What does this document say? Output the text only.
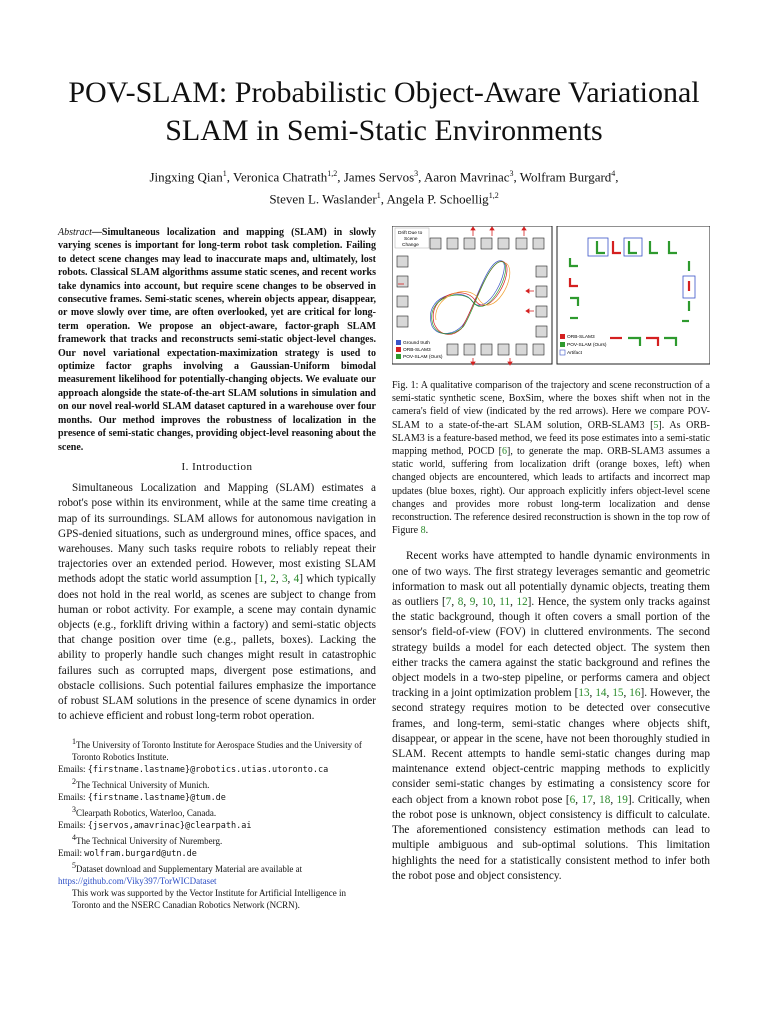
POV-SLAM: Probabilistic Object-Aware Variational
SLAM in Semi-Static Environments
Jingxing Qian$^1$, Veronica Chatrath$^{1,2}$, James Servos$^3$, Aaron Mavrinac$^3$, Wolfram Burgard$^4$,
Steven L. Waslander$^1$, Angela P. Schoellig$^{1,2}$

Abstract—Simultaneous localization and mapping (SLAM) in slowly varying scenes is important for long-term robot task completion. Failing to detect scene changes may lead to inaccurate maps and, ultimately, lost robots. Classical SLAM algorithms assume static scenes, and recent works take dynamics into account, but require scene changes to be observed in consecutive frames. Semi-static scenes, wherein objects appear, disappear, or move slowly over time, are often overlooked, yet are critical for long-term operation. We propose an object-aware, factor-graph SLAM framework that tracks and reconstructs semi-static object-level changes. Our novel variational expectation-maximization strategy is used to optimize factor graphs involving a Gaussian-Uniform bimodal measurement likelihood for potentially-changing objects. We evaluate our approach alongside the state-of-the-art SLAM solutions in simulation and on our novel real-world SLAM dataset captured in a warehouse over four months. Our method improves the robustness of localization in the presence of semi-static changes, providing object-level reasoning about the scene.

I. Introduction

Simultaneous Localization and Mapping (SLAM) estimates a robot's pose within its environment, while at the same time creating a map of its surroundings. SLAM allows for autonomous navigation in GPS-denied situations, such as underground mines, office spaces, and warehouses. Many such tasks require robots to reliably repeat their trajectories over an extended period. However, most existing SLAM methods adopt the static world assumption [1, 2, 3, 4] which typically does not hold in the real world, as scenes are subject to change from human or robot activity. For example, a scene may contain dynamic objects (e.g., forklift driving within a factory) and semi-static objects that change position over time (e.g., pallets, boxes). Lacking the ability to properly handle such changes might result in catastrophic failures such as corrupted maps, divergent pose estimations, and obstacle collisions. Such potential failures emphasize the importance of robust SLAM solutions in the presence of scene dynamics in order to achieve efficient and robust long-term robot operation.

$^1$The University of Toronto Institute for Aerospace Studies and the University of Toronto Robotics Institute.
Emails: {firstname.lastname}@robotics.utias.utoronto.ca
$^2$The Technical University of Munich.
Emails: {firstname.lastname}@tum.de
$^3$Clearpath Robotics, Waterloo, Canada.
Emails: {jservos,amavrinac}@clearpath.ai
$^4$The Technical University of Nuremberg.
Email: wolfram.burgard@utn.de
$^5$Dataset download and Supplementary Material are available at
https://github.com/Viky397/TorWICDataset
This work was supported by the Vector Institute for Artificial Intelligence in Toronto and the NSERC Canadian Robotics Network (NCRN).
Drift Due to
Scene
Change
Ground truth
ORB-SLAM3
POV-SLAM (Ours)
ORB-SLAM3
POV-SLAM (Ours)
Artifact

Fig. 1: A qualitative comparison of the trajectory and scene reconstruction of a semi-static synthetic scene, BoxSim, where the boxes shift when not in the camera's field of view (indicated by the red arrows). Here we compare POV-SLAM to a state-of-the-art SLAM solution, ORB-SLAM3 [5]. As ORB-SLAM3 is a feature-based method, we feed its pose estimates into a semi-static mapping method, POCD [6], to generate the map. ORB-SLAM3 assumes a static world, suffering from localization drift (orange boxes, left) when changed objects are encountered, which leads to artifacts and incorrect map updates (blue boxes, right). Our approach explicitly infers object-level scene changes and provides more robust long-term localization and dense reconstruction. The reference desired reconstruction is shown in the top row of Figure 8.

Recent works have attempted to handle dynamic environments in one of two ways. The first strategy leverages semantic and geometric information to mask out all potentially dynamic objects, treating them as outliers [7, 8, 9, 10, 11, 12]. Hence, the system only tracks against the static background, though it often covers a small portion of the sensor's field-of-view (FOV) in cluttered environments. The second strategy builds a model for each detected object. The system then either tracks the camera against the static background and refines the object models in a two-step pipeline, or performs camera and object tracking in a joint optimization problem [13, 14, 15, 16]. However, the second strategy requires motion to be detected over consecutive frames, and long-term, semi-static changes where objects shift, disappear, or appear in the scene, have not been thoroughly studied in SLAM. Recent attempts to handle semi-static changes during map maintenance extend object-centric mapping methods to explicitly consider semi-static changes by estimating a consistency score for each object from a known robot pose [6, 17, 18, 19]. Critically, when the robot pose is unknown, object consistency is difficult to calculate. The aforementioned consistency estimation methods can lead to multiple ambiguous and sub-optimal solutions. This limitation highlights the need for a statistically consistent method to infer both the robot pose and object consistency.
